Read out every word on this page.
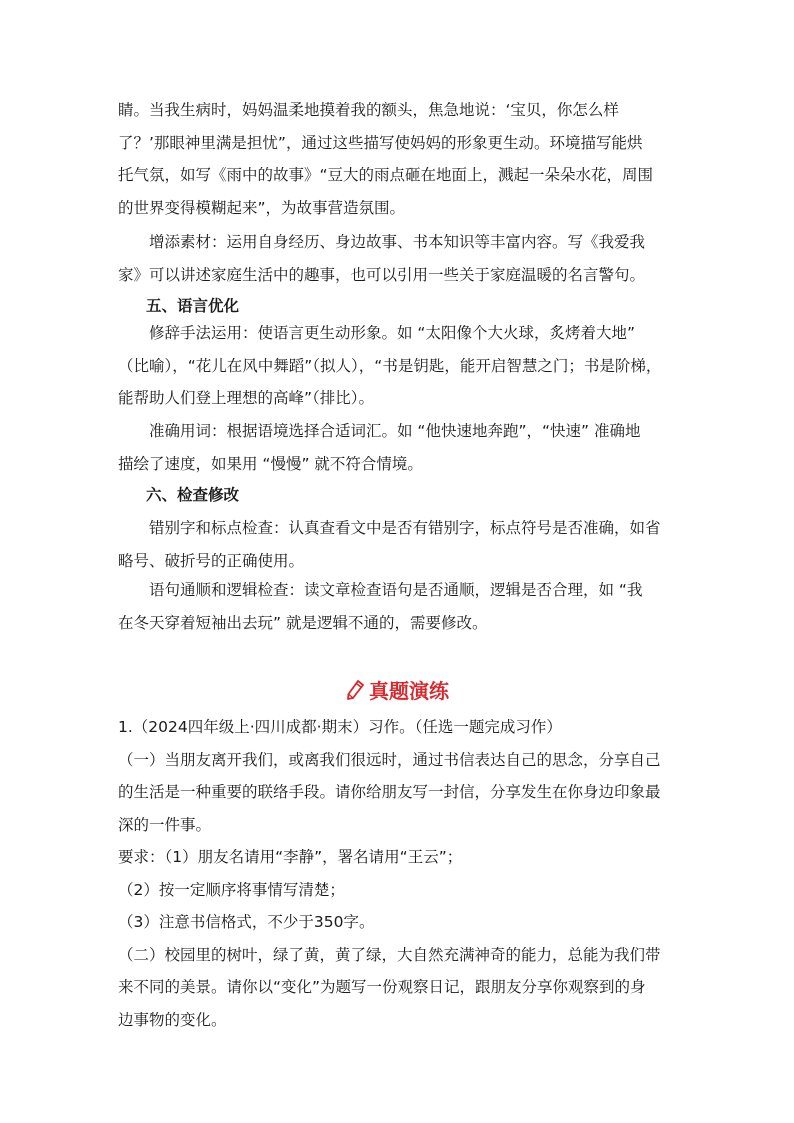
睛。当我生病时，妈妈温柔地摸着我的额头，焦急地说：‘宝贝，你怎么样
了？’那眼神里满是担忧”，通过这些描写使妈妈的形象更生动。环境描写能烘
托气氛，如写《雨中的故事》“豆大的雨点砸在地面上，溅起一朵朵水花，周围
的世界变得模糊起来”，为故事营造氛围。
　　增添素材：运用自身经历、身边故事、书本知识等丰富内容。写《我爱我
家》可以讲述家庭生活中的趣事，也可以引用一些关于家庭温暖的名言警句。

五、语言优化

　　修辞手法运用：使语言更生动形象。如 “太阳像个大火球，炙烤着大地”
（比喻），“花儿在风中舞蹈”（拟人），“书是钥匙，能开启智慧之门；书是阶梯，
能帮助人们登上理想的高峰”（排比）。
　　准确用词：根据语境选择合适词汇。如 “他快速地奔跑”，“快速” 准确地
描绘了速度，如果用 “慢慢” 就不符合情境。

六、检查修改

　　错别字和标点检查：认真查看文中是否有错别字，标点符号是否准确，如省
略号、破折号的正确使用。
　　语句通顺和逻辑检查：读文章检查语句是否通顺，逻辑是否合理，如 “我
在冬天穿着短袖出去玩” 就是逻辑不通的，需要修改。
真题演练
1.（2024四年级上·四川成都·期末）习作。（任选一题完成习作）
（一）当朋友离开我们，或离我们很远时，通过书信表达自己的思念，分享自己
的生活是一种重要的联络手段。请你给朋友写一封信，分享发生在你身边印象最
深的一件事。
要求：（1）朋友名请用“李静”，署名请用“王云”；
（2）按一定顺序将事情写清楚；
（3）注意书信格式，不少于350字。
（二）校园里的树叶，绿了黄，黄了绿，大自然充满神奇的能力，总能为我们带
来不同的美景。请你以“变化”为题写一份观察日记，跟朋友分享你观察到的身
边事物的变化。
